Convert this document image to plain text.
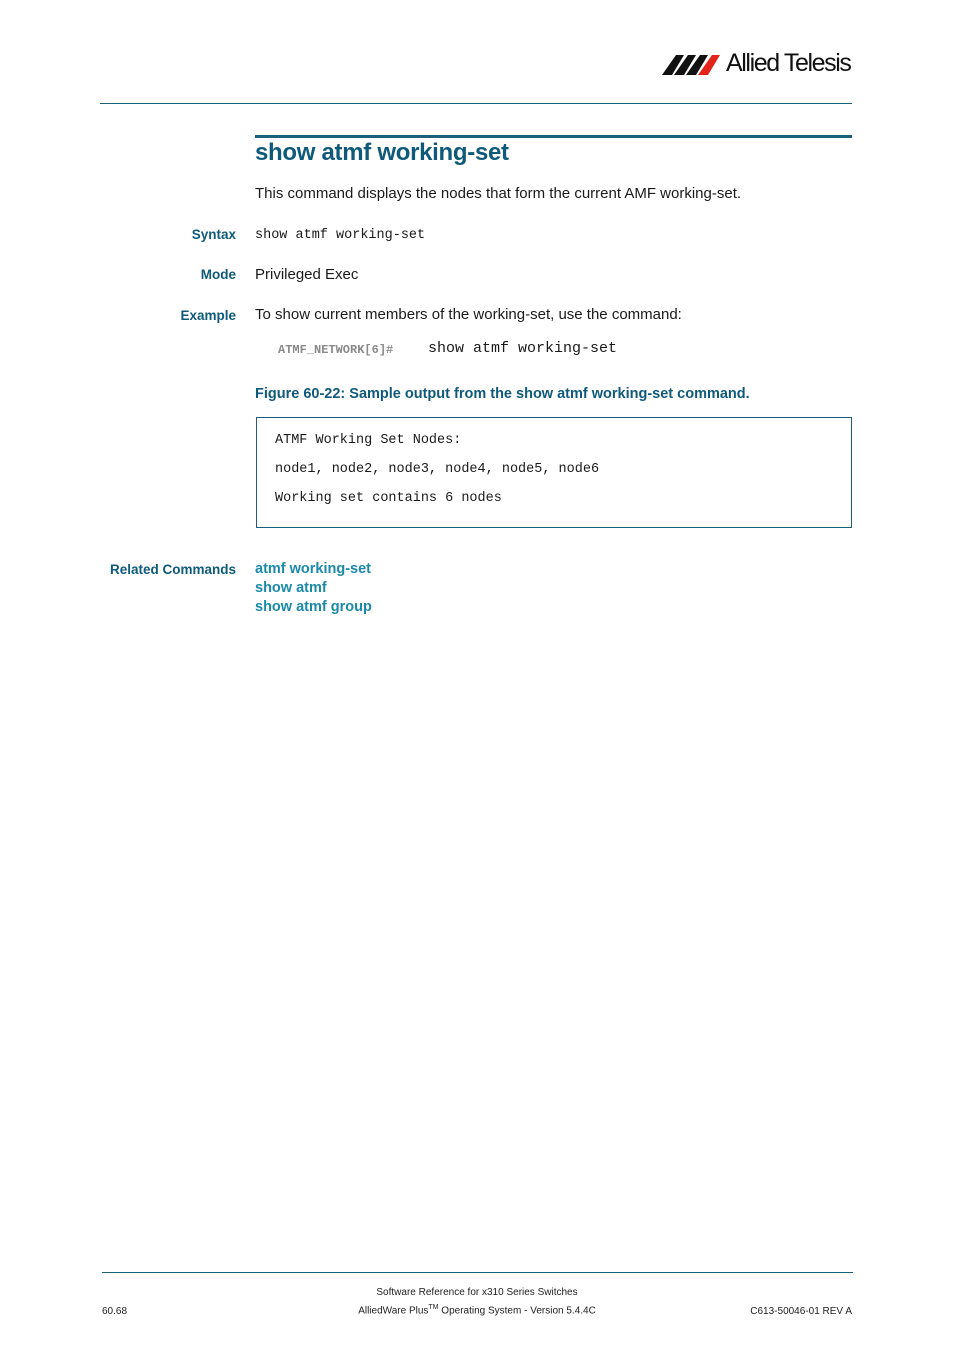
Allied Telesis
show atmf working-set
This command displays the nodes that form the current AMF working-set.
Syntax show atmf working-set
Mode Privileged Exec
Example To show current members of the working-set, use the command:
ATMF_NETWORK[6]# show atmf working-set
Figure 60-22: Sample output from the show atmf working-set command.
ATMF Working Set Nodes:
node1, node2, node3, node4, node5, node6
Working set contains 6 nodes
Related Commands atmf working-set
show atmf
show atmf group
Software Reference for x310 Series Switches
AlliedWare Plus™ Operating System - Version 5.4.4C
60.68	C613-50046-01 REV A
